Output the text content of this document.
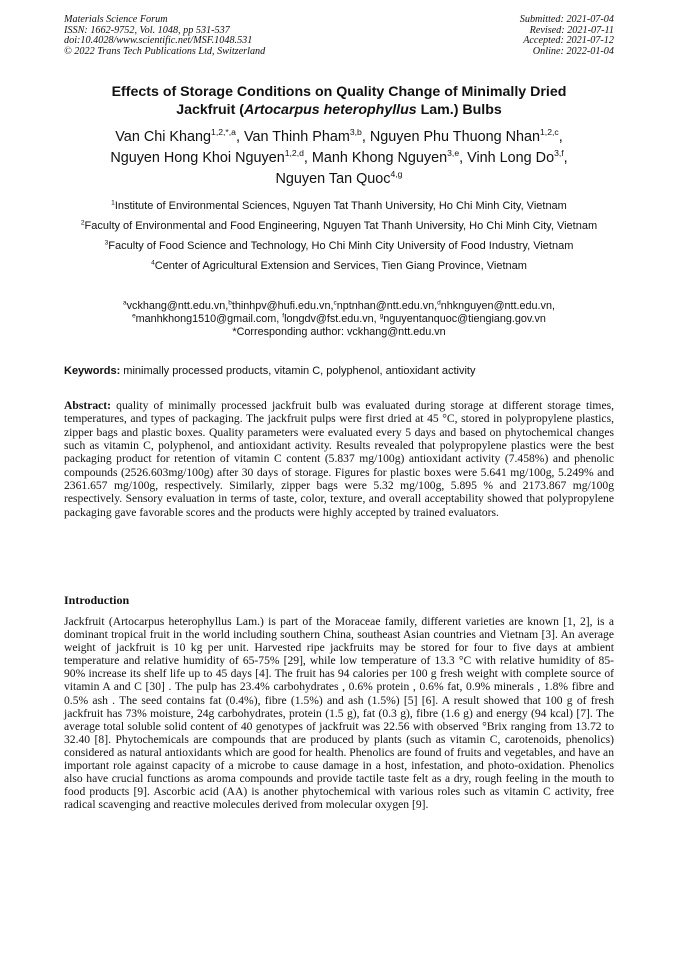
Materials Science Forum
ISSN: 1662-9752, Vol. 1048, pp 531-537
doi:10.4028/www.scientific.net/MSF.1048.531
© 2022 Trans Tech Publications Ltd, Switzerland
Submitted: 2021-07-04
Revised: 2021-07-11
Accepted: 2021-07-12
Online: 2022-01-04
Effects of Storage Conditions on Quality Change of Minimally Dried
Jackfruit (Artocarpus heterophyllus Lam.) Bulbs
Van Chi Khang$^{1,2,*,a}$, Van Thinh Pham$^{3,b}$, Nguyen Phu Thuong Nhan$^{1,2,c}$,
Nguyen Hong Khoi Nguyen$^{1,2,d}$, Manh Khong Nguyen$^{3,e}$, Vinh Long Do$^{3,f}$,
Nguyen Tan Quoc$^{4,g}$

$^1$Institute of Environmental Sciences, Nguyen Tat Thanh University, Ho Chi Minh City, Vietnam

$^2$Faculty of Environmental and Food Engineering, Nguyen Tat Thanh University, Ho Chi Minh City, Vietnam

$^3$Faculty of Food Science and Technology, Ho Chi Minh City University of Food Industry, Vietnam

$^4$Center of Agricultural Extension and Services, Tien Giang Province, Vietnam

$^a$vckhang@ntt.edu.vn,$^b$thinhpv@hufi.edu.vn,$^c$nptnhan@ntt.edu.vn,$^d$nhknguyen@ntt.edu.vn,
$^e$manhkhong1510@gmail.com, $^f$longdv@fst.edu.vn, $^g$nguyentanquoc@tiengiang.gov.vn
*Corresponding author: vckhang@ntt.edu.vn
Keywords: minimally processed products, vitamin C, polyphenol, antioxidant activity
Abstract: quality of minimally processed jackfruit bulb was evaluated during storage at different storage times, temperatures, and types of packaging. The jackfruit pulps were first dried at 45 °C, stored in polypropylene plastics, zipper bags and plastic boxes. Quality parameters were evaluated every 5 days and based on phytochemical changes such as vitamin C, polyphenol, and antioxidant activity. Results revealed that polypropylene plastics were the best packaging product for retention of vitamin C content (5.837 mg/100g) antioxidant activity (7.458%) and phenolic compounds (2526.603mg/100g) after 30 days of storage. Figures for plastic boxes were 5.641 mg/100g, 5.249% and 2361.657 mg/100g, respectively. Similarly, zipper bags were 5.32 mg/100g, 5.895 % and 2173.867 mg/100g respectively. Sensory evaluation in terms of taste, color, texture, and overall acceptability showed that polypropylene packaging gave favorable scores and the products were highly accepted by trained evaluators.
Introduction
Jackfruit (Artocarpus heterophyllus Lam.) is part of the Moraceae family, different varieties are known [1, 2], is a dominant tropical fruit in the world including southern China, southeast Asian countries and Vietnam [3]. An average weight of jackfruit is 10 kg per unit. Harvested ripe jackfruits may be stored for four to five days at ambient temperature and relative humidity of 65-75% [29], while low temperature of 13.3 °C with relative humidity of 85-90% increase its shelf life up to 45 days [4]. The fruit has 94 calories per 100 g fresh weight with complete source of vitamin A and C [30] . The pulp has 23.4% carbohydrates , 0.6% protein , 0.6% fat, 0.9% minerals , 1.8% fibre and 0.5% ash . The seed contains fat (0.4%), fibre (1.5%) and ash (1.5%) [5] [6]. A result showed that 100 g of fresh jackfruit has 73% moisture, 24g carbohydrates, protein (1.5 g), fat (0.3 g), fibre (1.6 g) and energy (94 kcal) [7]. The average total soluble solid content of 40 genotypes of jackfruit was 22.56 with observed °Brix ranging from 13.72 to 32.40 [8]. Phytochemicals are compounds that are produced by plants (such as vitamin C, carotenoids, phenolics) considered as natural antioxidants which are good for health. Phenolics are found of fruits and vegetables, and have an important role against capacity of a microbe to cause damage in a host, infestation, and photo-oxidation. Phenolics also have crucial functions as aroma compounds and provide tactile taste felt as a dry, rough feeling in the mouth to food products [9]. Ascorbic acid (AA) is another phytochemical with various roles such as vitamin C activity, free radical scavenging and reactive molecules derived from molecular oxygen [9].
